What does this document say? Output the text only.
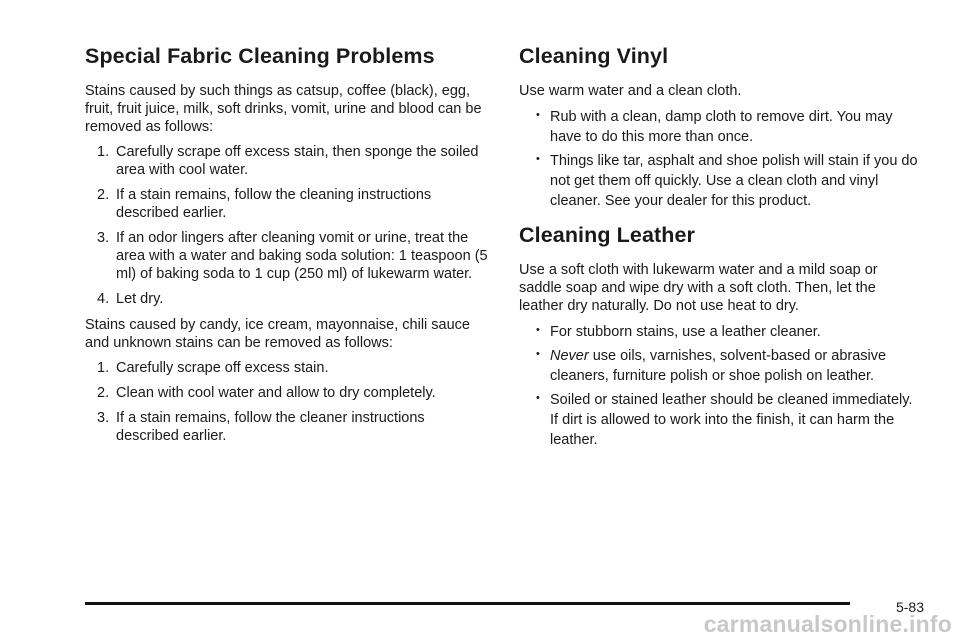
Special Fabric Cleaning Problems

Stains caused by such things as catsup, coffee (black), egg, fruit, fruit juice, milk, soft drinks, vomit, urine and blood can be removed as follows:

1. Carefully scrape off excess stain, then sponge the soiled area with cool water.
2. If a stain remains, follow the cleaning instructions described earlier.
3. If an odor lingers after cleaning vomit or urine, treat the area with a water and baking soda solution: 1 teaspoon (5 ml) of baking soda to 1 cup (250 ml) of lukewarm water.
4. Let dry.

Stains caused by candy, ice cream, mayonnaise, chili sauce and unknown stains can be removed as follows:

1. Carefully scrape off excess stain.
2. Clean with cool water and allow to dry completely.
3. If a stain remains, follow the cleaner instructions described earlier.
Cleaning Vinyl

Use warm water and a clean cloth.

• Rub with a clean, damp cloth to remove dirt. You may have to do this more than once.
• Things like tar, asphalt and shoe polish will stain if you do not get them off quickly. Use a clean cloth and vinyl cleaner. See your dealer for this product.
Cleaning Leather

Use a soft cloth with lukewarm water and a mild soap or saddle soap and wipe dry with a soft cloth. Then, let the leather dry naturally. Do not use heat to dry.

• For stubborn stains, use a leather cleaner.
• Never use oils, varnishes, solvent-based or abrasive cleaners, furniture polish or shoe polish on leather.
• Soiled or stained leather should be cleaned immediately. If dirt is allowed to work into the finish, it can harm the leather.
5-83
carmanualsonline.info
